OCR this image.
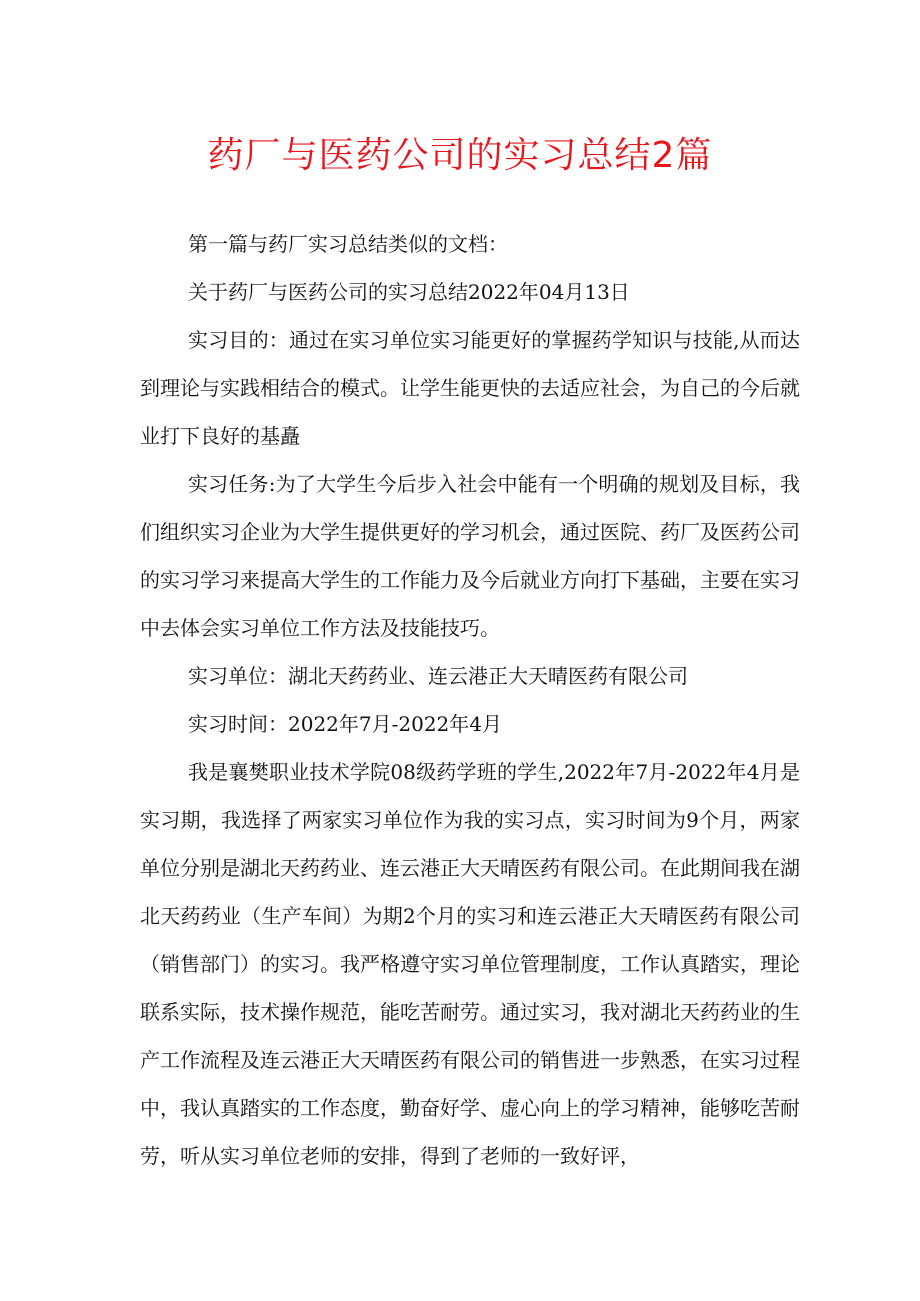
药厂与医药公司的实习总结2篇

第一篇与药厂实习总结类似的文档：

关于药厂与医药公司的实习总结2022年04月13日

实习目的：通过在实习单位实习能更好的掌握药学知识与技能,从而达到理论与实践相结合的模式。让学生能更快的去适应社会，为自己的今后就业打下良好的基矗

实习任务:为了大学生今后步入社会中能有一个明确的规划及目标，我们组织实习企业为大学生提供更好的学习机会，通过医院、药厂及医药公司的实习学习来提高大学生的工作能力及今后就业方向打下基础，主要在实习中去体会实习单位工作方法及技能技巧。

实习单位：湖北天药药业、连云港正大天晴医药有限公司

实习时间：2022年7月-2022年4月

我是襄樊职业技术学院08级药学班的学生,2022年7月-2022年4月是实习期，我选择了两家实习单位作为我的实习点，实习时间为9个月，两家单位分别是湖北天药药业、连云港正大天晴医药有限公司。在此期间我在湖北天药药业（生产车间）为期2个月的实习和连云港正大天晴医药有限公司（销售部门）的实习。我严格遵守实习单位管理制度，工作认真踏实，理论联系实际，技术操作规范，能吃苦耐劳。通过实习，我对湖北天药药业的生产工作流程及连云港正大天晴医药有限公司的销售进一步熟悉，在实习过程中，我认真踏实的工作态度，勤奋好学、虚心向上的学习精神，能够吃苦耐劳，听从实习单位老师的安排，得到了老师的一致好评，
